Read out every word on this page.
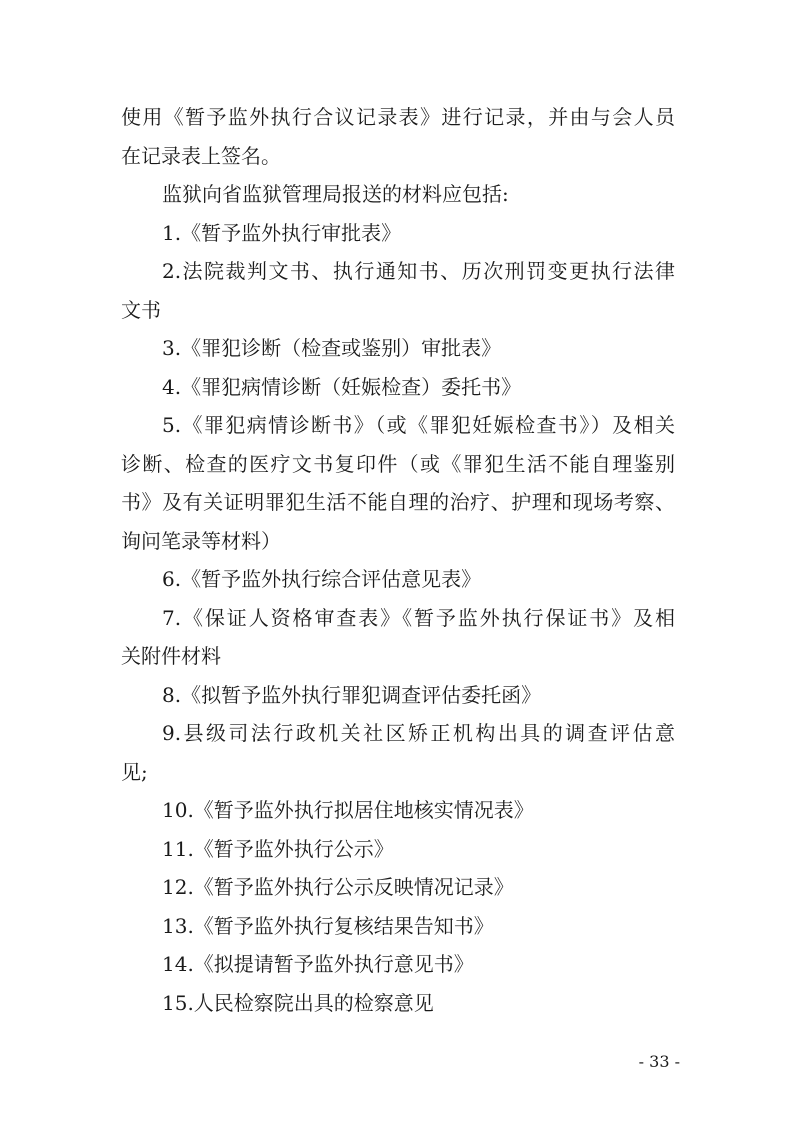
使用《暂予监外执行合议记录表》进行记录，并由与会人员
在记录表上签名。
监狱向省监狱管理局报送的材料应包括:
1.《暂予监外执行审批表》
2.法院裁判文书、执行通知书、历次刑罚变更执行法律
文书
3.《罪犯诊断（检查或鉴别）审批表》
4.《罪犯病情诊断（妊娠检查）委托书》
5.《罪犯病情诊断书》（或《罪犯妊娠检查书》）及相关
诊断、检查的医疗文书复印件（或《罪犯生活不能自理鉴别
书》及有关证明罪犯生活不能自理的治疗、护理和现场考察、
询问笔录等材料）
6.《暂予监外执行综合评估意见表》
7.《保证人资格审查表》《暂予监外执行保证书》及相
关附件材料
8.《拟暂予监外执行罪犯调查评估委托函》
9.县级司法行政机关社区矫正机构出具的调查评估意
见;
10.《暂予监外执行拟居住地核实情况表》
11.《暂予监外执行公示》
12.《暂予监外执行公示反映情况记录》
13.《暂予监外执行复核结果告知书》
14.《拟提请暂予监外执行意见书》
15.人民检察院出具的检察意见
- 33 -
